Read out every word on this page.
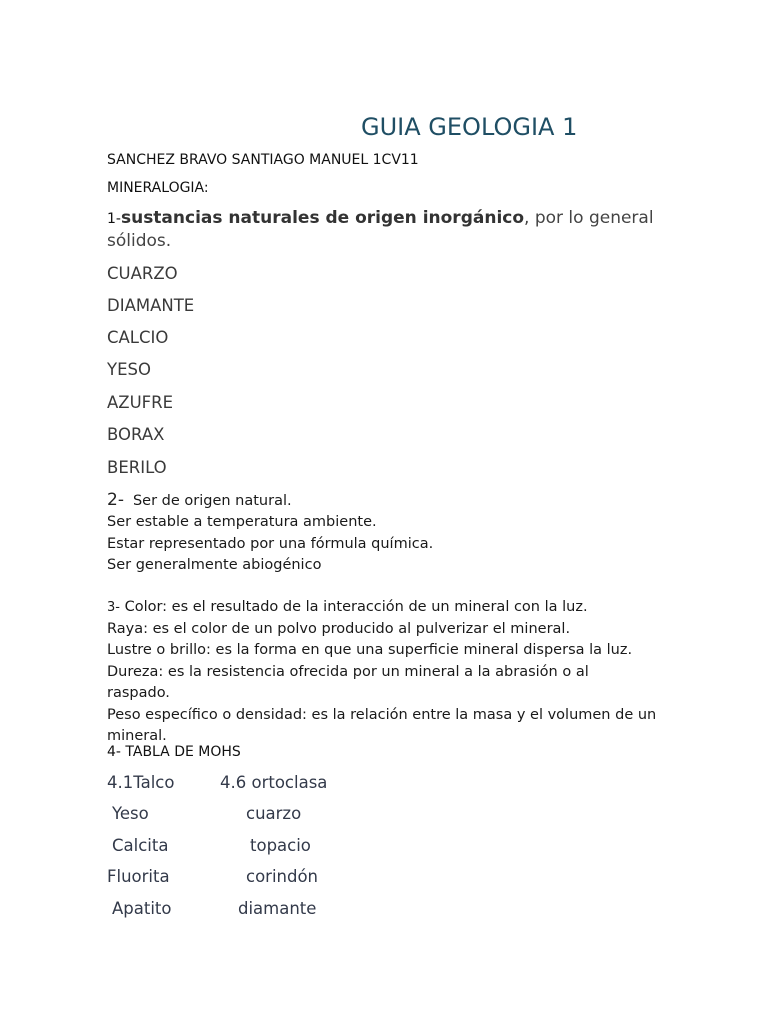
GUIA GEOLOGIA 1
SANCHEZ BRAVO SANTIAGO MANUEL 1CV11
MINERALOGIA:
1-sustancias naturales de origen inorgánico, por lo general sólidos.
CUARZO
DIAMANTE
CALCIO
YESO
AZUFRE
BORAX
BERILO
2- Ser de origen natural.
Ser estable a temperatura ambiente.
Estar representado por una fórmula química.
Ser generalmente abiogénico
3- Color: es el resultado de la interacción de un mineral con la luz.
Raya: es el color de un polvo producido al pulverizar el mineral.
Lustre o brillo: es la forma en que una superficie mineral dispersa la luz.
Dureza: es la resistencia ofrecida por un mineral a la abrasión o al raspado.
Peso específico o densidad: es la relación entre la masa y el volumen de un mineral.
4- TABLA DE MOHS
4.1Talco	4.6 ortoclasa
Yeso	cuarzo
Calcita	topacio
Fluorita	corindón
Apatito	diamante
